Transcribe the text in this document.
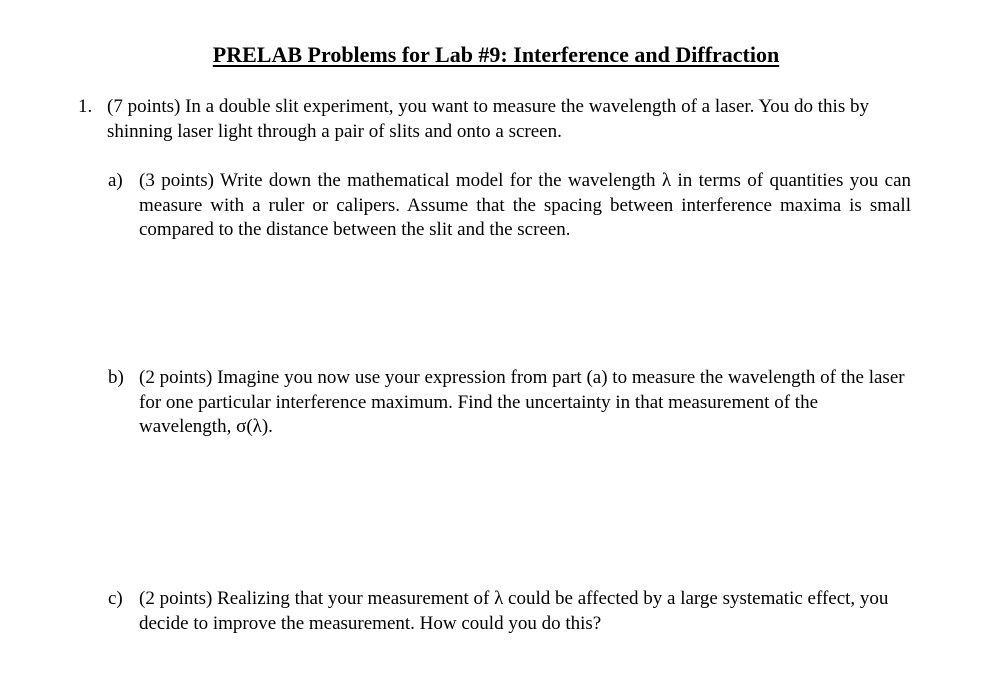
PRELAB Problems for Lab #9: Interference and Diffraction
1. (7 points) In a double slit experiment, you want to measure the wavelength of a laser. You do this by shinning laser light through a pair of slits and onto a screen.
a) (3 points) Write down the mathematical model for the wavelength λ in terms of quantities you can measure with a ruler or calipers. Assume that the spacing between interference maxima is small compared to the distance between the slit and the screen.
b) (2 points) Imagine you now use your expression from part (a) to measure the wavelength of the laser for one particular interference maximum. Find the uncertainty in that measurement of the wavelength, σ(λ).
c) (2 points) Realizing that your measurement of λ could be affected by a large systematic effect, you decide to improve the measurement. How could you do this?
